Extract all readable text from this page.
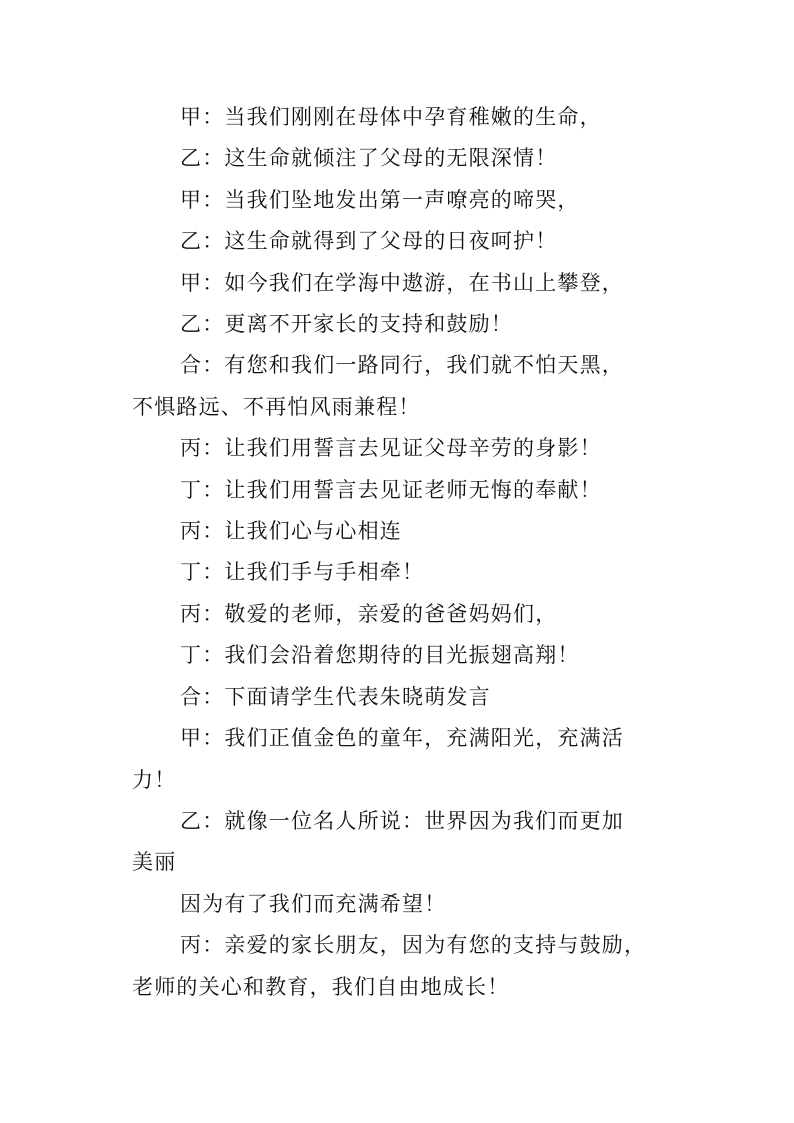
甲：当我们刚刚在母体中孕育稚嫩的生命，

乙：这生命就倾注了父母的无限深情！

甲：当我们坠地发出第一声嘹亮的啼哭，

乙：这生命就得到了父母的日夜呵护！

甲：如今我们在学海中遨游，在书山上攀登，

乙：更离不开家长的支持和鼓励！

合：有您和我们一路同行，我们就不怕天黑，

不惧路远、不再怕风雨兼程！

丙：让我们用誓言去见证父母辛劳的身影！

丁：让我们用誓言去见证老师无悔的奉献！

丙：让我们心与心相连

丁：让我们手与手相牵！

丙：敬爱的老师，亲爱的爸爸妈妈们，

丁：我们会沿着您期待的目光振翅高翔！

合：下面请学生代表朱晓萌发言

甲：我们正值金色的童年，充满阳光，充满活

力！

乙：就像一位名人所说：世界因为我们而更加

美丽

因为有了我们而充满希望！

丙：亲爱的家长朋友，因为有您的支持与鼓励，

老师的关心和教育，我们自由地成长！
